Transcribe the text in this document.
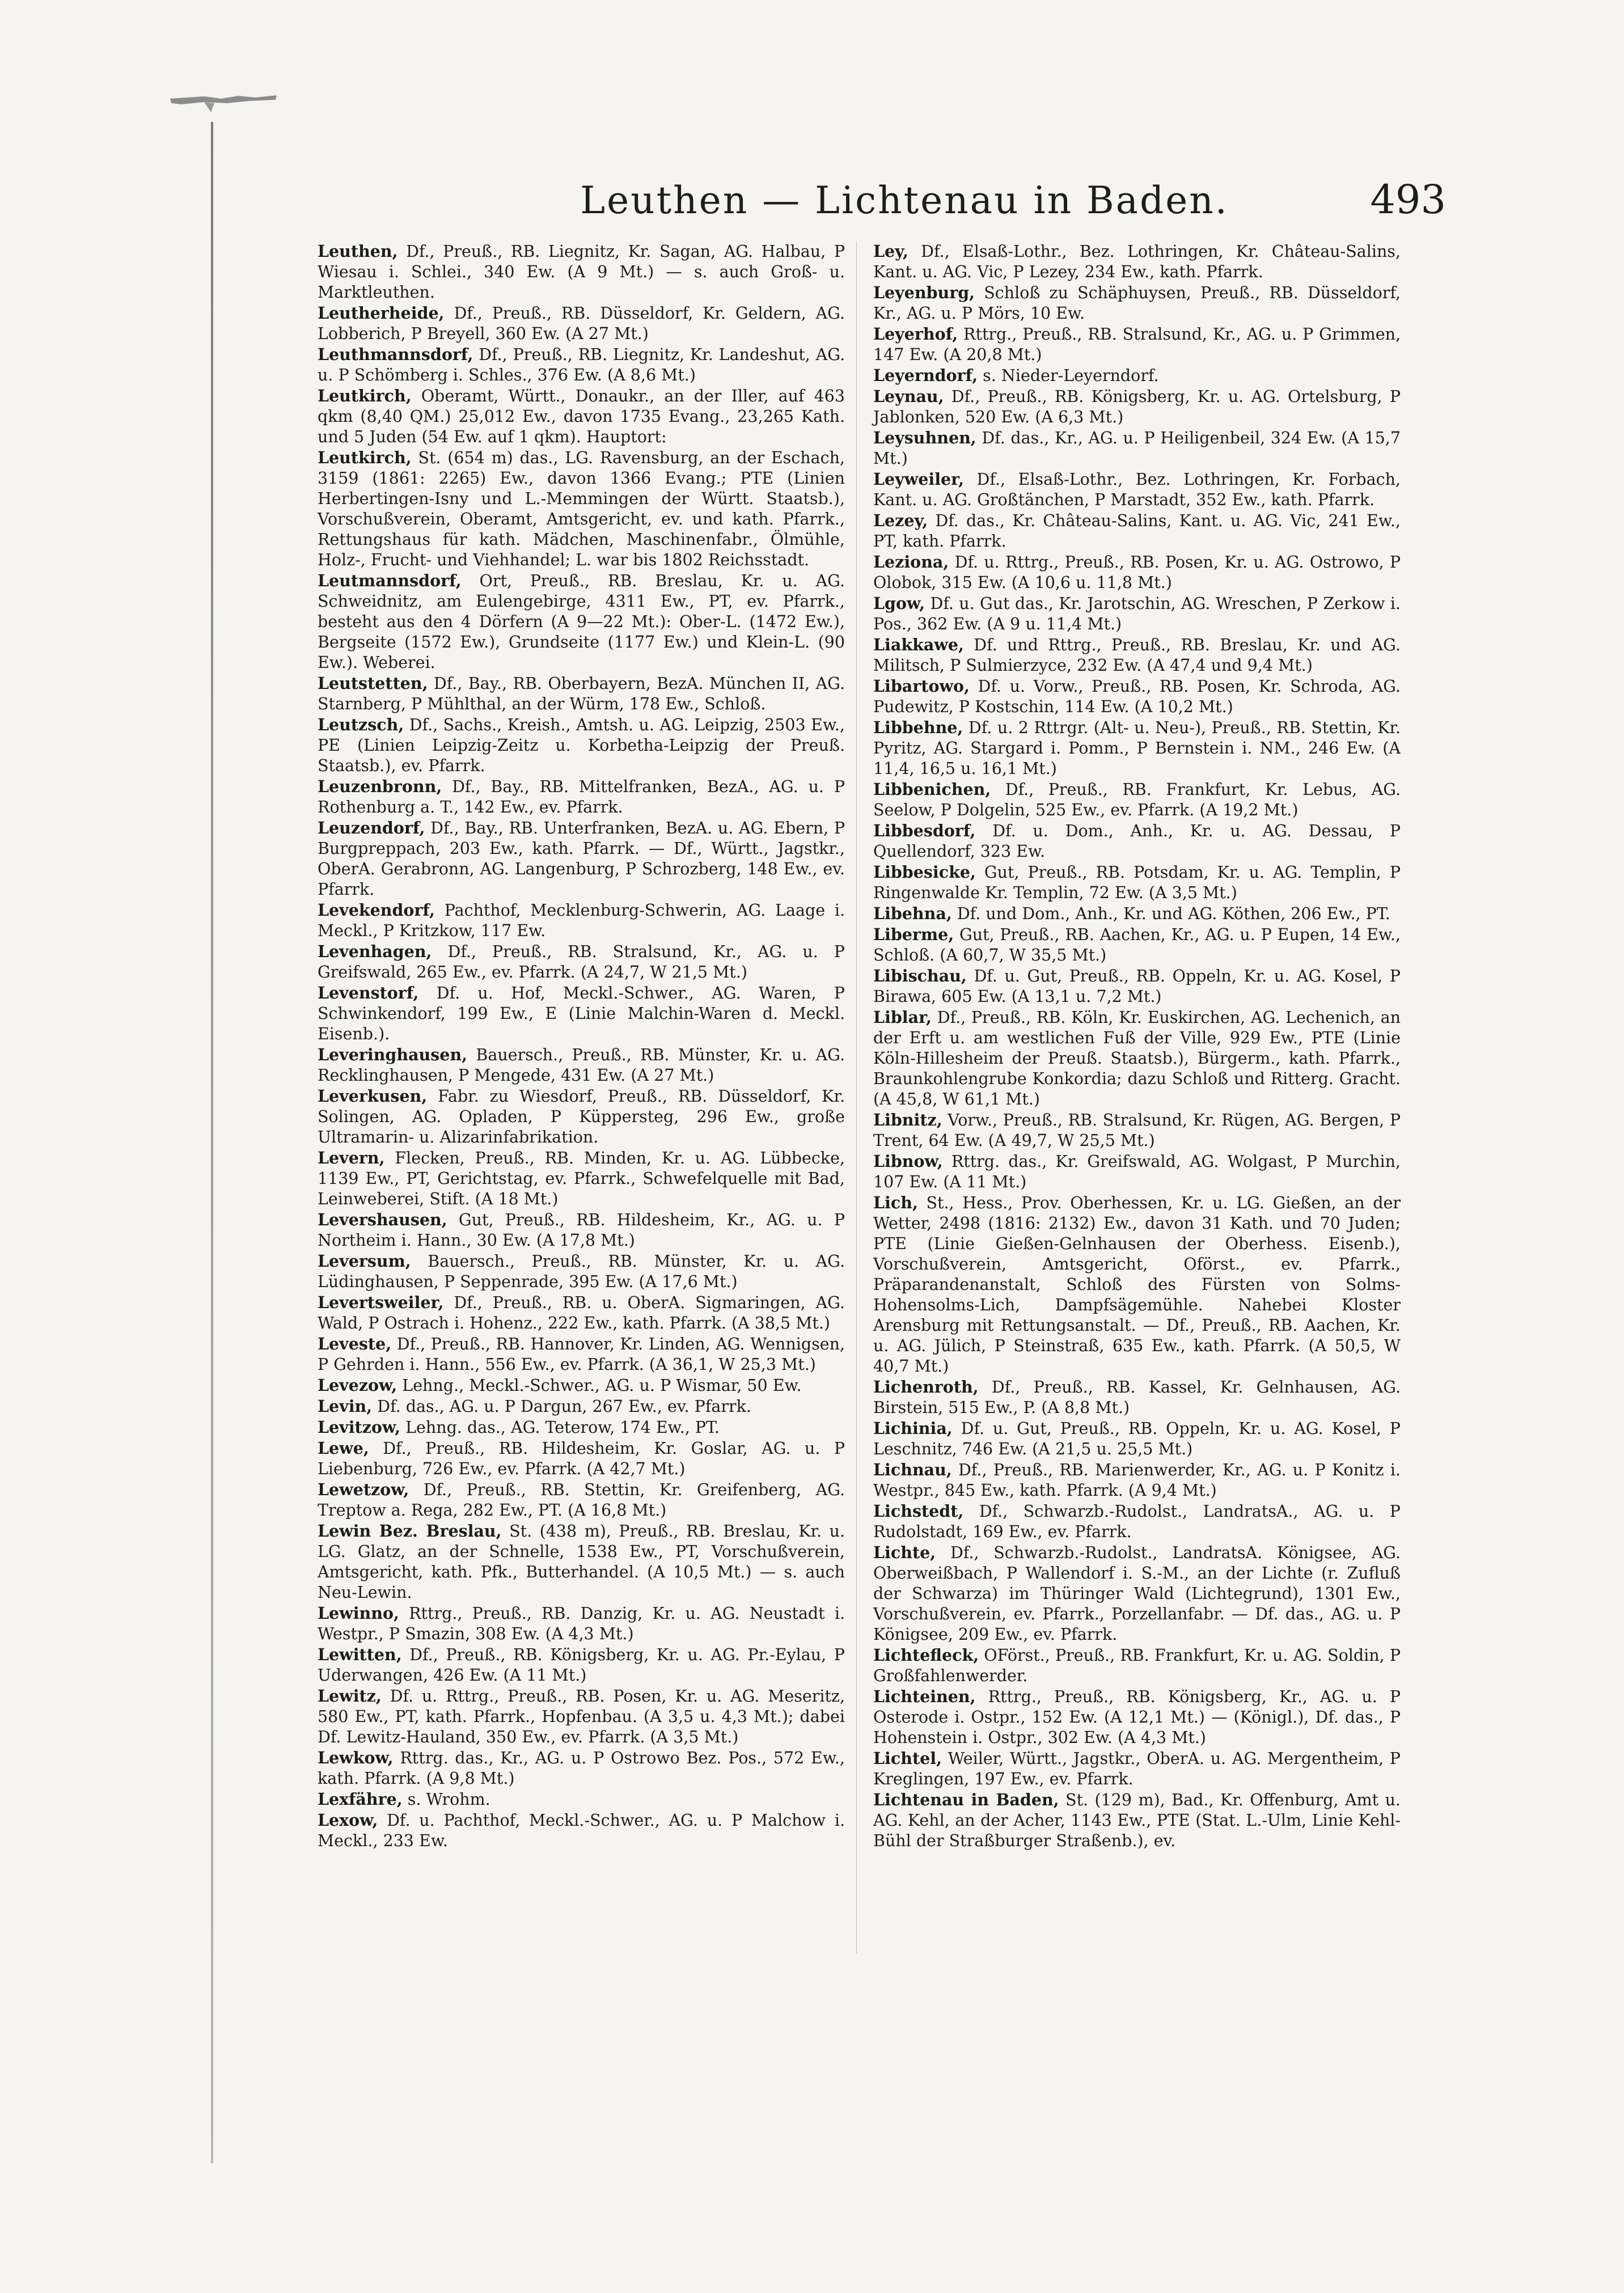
Leuthen — Lichtenau in Baden.	493

Leuthen, Df., Preuß., RB. Liegnitz, Kr. Sagan, AG. Halbau, P Wiesau i. Schlei., 340 Ew. (A 9 Mt.) — s. auch Groß- u. Marktleuthen.

Leutherheide, Df., Preuß., RB. Düsseldorf, Kr. Geldern, AG. Lobberich, P Breyell, 360 Ew. (A 27 Mt.)

Leuthmannsdorf, Df., Preuß., RB. Liegnitz, Kr. Landeshut, AG. u. P Schömberg i. Schles., 376 Ew. (A 8,6 Mt.)

Leutkirch, Oberamt, Württ., Donaukr., an der Iller, auf 463 qkm (8,40 QM.) 25,012 Ew., davon 1735 Evang., 23,265 Kath. und 5 Juden (54 Ew. auf 1 qkm). Hauptort:

Leutkirch, St. (654 m) das., LG. Ravensburg, an der Eschach, 3159 (1861: 2265) Ew., davon 1366 Evang.; PTE (Linien Herbertingen-Isny und L.-Memmingen der Württ. Staatsb.), Vorschußverein, Oberamt, Amtsgericht, ev. und kath. Pfarrk., Rettungshaus für kath. Mädchen, Maschinenfabr., Ölmühle, Holz-, Frucht- und Viehhandel; L. war bis 1802 Reichsstadt.

Leutmannsdorf, Ort, Preuß., RB. Breslau, Kr. u. AG. Schweidnitz, am Eulengebirge, 4311 Ew., PT, ev. Pfarrk., besteht aus den 4 Dörfern (A 9—22 Mt.): Ober-L. (1472 Ew.), Bergseite (1572 Ew.), Grundseite (1177 Ew.) und Klein-L. (90 Ew.). Weberei.

Leutstetten, Df., Bay., RB. Oberbayern, BezA. München II, AG. Starnberg, P Mühlthal, an der Würm, 178 Ew., Schloß.

Leutzsch, Df., Sachs., Kreish., Amtsh. u. AG. Leipzig, 2503 Ew., PE (Linien Leipzig-Zeitz u. Korbetha-Leipzig der Preuß. Staatsb.), ev. Pfarrk.

Leuzenbronn, Df., Bay., RB. Mittelfranken, BezA., AG. u. P Rothenburg a. T., 142 Ew., ev. Pfarrk.

Leuzendorf, Df., Bay., RB. Unterfranken, BezA. u. AG. Ebern, P Burgpreppach, 203 Ew., kath. Pfarrk. — Df., Württ., Jagstkr., OberA. Gerabronn, AG. Langenburg, P Schrozberg, 148 Ew., ev. Pfarrk.

Levekendorf, Pachthof, Mecklenburg-Schwerin, AG. Laage i. Meckl., P Kritzkow, 117 Ew.

Levenhagen, Df., Preuß., RB. Stralsund, Kr., AG. u. P Greifswald, 265 Ew., ev. Pfarrk. (A 24,7, W 21,5 Mt.)

Levenstorf, Df. u. Hof, Meckl.-Schwer., AG. Waren, P Schwinkendorf, 199 Ew., E (Linie Malchin-Waren d. Meckl. Eisenb.).

Leveringhausen, Bauersch., Preuß., RB. Münster, Kr. u. AG. Recklinghausen, P Mengede, 431 Ew. (A 27 Mt.)

Leverkusen, Fabr. zu Wiesdorf, Preuß., RB. Düsseldorf, Kr. Solingen, AG. Opladen, P Küppersteg, 296 Ew., große Ultramarin- u. Alizarinfabrikation.

Levern, Flecken, Preuß., RB. Minden, Kr. u. AG. Lübbecke, 1139 Ew., PT, Gerichtstag, ev. Pfarrk., Schwefelquelle mit Bad, Leinweberei, Stift. (A 18 Mt.)

Levershausen, Gut, Preuß., RB. Hildesheim, Kr., AG. u. P Northeim i. Hann., 30 Ew. (A 17,8 Mt.)

Leversum, Bauersch., Preuß., RB. Münster, Kr. u. AG. Lüdinghausen, P Seppenrade, 395 Ew. (A 17,6 Mt.)

Levertsweiler, Df., Preuß., RB. u. OberA. Sigmaringen, AG. Wald, P Ostrach i. Hohenz., 222 Ew., kath. Pfarrk. (A 38,5 Mt.)

Leveste, Df., Preuß., RB. Hannover, Kr. Linden, AG. Wennigsen, P Gehrden i. Hann., 556 Ew., ev. Pfarrk. (A 36,1, W 25,3 Mt.)

Levezow, Lehng., Meckl.-Schwer., AG. u. P Wismar, 50 Ew.

Levin, Df. das., AG. u. P Dargun, 267 Ew., ev. Pfarrk.

Levitzow, Lehng. das., AG. Teterow, 174 Ew., PT.

Lewe, Df., Preuß., RB. Hildesheim, Kr. Goslar, AG. u. P Liebenburg, 726 Ew., ev. Pfarrk. (A 42,7 Mt.)

Lewetzow, Df., Preuß., RB. Stettin, Kr. Greifenberg, AG. Treptow a. Rega, 282 Ew., PT. (A 16,8 Mt.)

Lewin Bez. Breslau, St. (438 m), Preuß., RB. Breslau, Kr. u. LG. Glatz, an der Schnelle, 1538 Ew., PT, Vorschußverein, Amtsgericht, kath. Pfk., Butterhandel. (A 10,5 Mt.) — s. auch Neu-Lewin.

Lewinno, Rttrg., Preuß., RB. Danzig, Kr. u. AG. Neustadt i. Westpr., P Smazin, 308 Ew. (A 4,3 Mt.)

Lewitten, Df., Preuß., RB. Königsberg, Kr. u. AG. Pr.-Eylau, P Uderwangen, 426 Ew. (A 11 Mt.)

Lewitz, Df. u. Rttrg., Preuß., RB. Posen, Kr. u. AG. Meseritz, 580 Ew., PT, kath. Pfarrk., Hopfenbau. (A 3,5 u. 4,3 Mt.); dabei Df. Lewitz-Hauland, 350 Ew., ev. Pfarrk. (A 3,5 Mt.)

Lewkow, Rttrg. das., Kr., AG. u. P Ostrowo Bez. Pos., 572 Ew., kath. Pfarrk. (A 9,8 Mt.)

Lexfähre, s. Wrohm.

Lexow, Df. u. Pachthof, Meckl.-Schwer., AG. u. P Malchow i. Meckl., 233 Ew.

Ley, Df., Elsaß-Lothr., Bez. Lothringen, Kr. Château-Salins, Kant. u. AG. Vic, P Lezey, 234 Ew., kath. Pfarrk.

Leyenburg, Schloß zu Schäphuysen, Preuß., RB. Düsseldorf, Kr., AG. u. P Mörs, 10 Ew.

Leyerhof, Rttrg., Preuß., RB. Stralsund, Kr., AG. u. P Grimmen, 147 Ew. (A 20,8 Mt.)

Leyerndorf, s. Nieder-Leyerndorf.

Leynau, Df., Preuß., RB. Königsberg, Kr. u. AG. Ortelsburg, P Jablonken, 520 Ew. (A 6,3 Mt.)

Leysuhnen, Df. das., Kr., AG. u. P Heiligenbeil, 324 Ew. (A 15,7 Mt.)

Leyweiler, Df., Elsaß-Lothr., Bez. Lothringen, Kr. Forbach, Kant. u. AG. Großtänchen, P Marstadt, 352 Ew., kath. Pfarrk.

Lezey, Df. das., Kr. Château-Salins, Kant. u. AG. Vic, 241 Ew., PT, kath. Pfarrk.

Leziona, Df. u. Rttrg., Preuß., RB. Posen, Kr. u. AG. Ostrowo, P Olobok, 315 Ew. (A 10,6 u. 11,8 Mt.)

Lgow, Df. u. Gut das., Kr. Jarotschin, AG. Wreschen, P Zerkow i. Pos., 362 Ew. (A 9 u. 11,4 Mt.)

Liakkawe, Df. und Rttrg., Preuß., RB. Breslau, Kr. und AG. Militsch, P Sulmierzyce, 232 Ew. (A 47,4 und 9,4 Mt.)

Libartowo, Df. u. Vorw., Preuß., RB. Posen, Kr. Schroda, AG. Pudewitz, P Kostschin, 114 Ew. (A 10,2 Mt.)

Libbehne, Df. u. 2 Rttrgr. (Alt- u. Neu-), Preuß., RB. Stettin, Kr. Pyritz, AG. Stargard i. Pomm., P Bernstein i. NM., 246 Ew. (A 11,4, 16,5 u. 16,1 Mt.)

Libbenichen, Df., Preuß., RB. Frankfurt, Kr. Lebus, AG. Seelow, P Dolgelin, 525 Ew., ev. Pfarrk. (A 19,2 Mt.)

Libbesdorf, Df. u. Dom., Anh., Kr. u. AG. Dessau, P Quellendorf, 323 Ew.

Libbesicke, Gut, Preuß., RB. Potsdam, Kr. u. AG. Templin, P Ringenwalde Kr. Templin, 72 Ew. (A 3,5 Mt.)

Libehna, Df. und Dom., Anh., Kr. und AG. Köthen, 206 Ew., PT.

Liberme, Gut, Preuß., RB. Aachen, Kr., AG. u. P Eupen, 14 Ew., Schloß. (A 60,7, W 35,5 Mt.)

Libischau, Df. u. Gut, Preuß., RB. Oppeln, Kr. u. AG. Kosel, P Birawa, 605 Ew. (A 13,1 u. 7,2 Mt.)

Liblar, Df., Preuß., RB. Köln, Kr. Euskirchen, AG. Lechenich, an der Erft u. am westlichen Fuß der Ville, 929 Ew., PTE (Linie Köln-Hillesheim der Preuß. Staatsb.), Bürgerm., kath. Pfarrk., Braunkohlengrube Konkordia; dazu Schloß und Ritterg. Gracht. (A 45,8, W 61,1 Mt.)

Libnitz, Vorw., Preuß., RB. Stralsund, Kr. Rügen, AG. Bergen, P Trent, 64 Ew. (A 49,7, W 25,5 Mt.)

Libnow, Rttrg. das., Kr. Greifswald, AG. Wolgast, P Murchin, 107 Ew. (A 11 Mt.)

Lich, St., Hess., Prov. Oberhessen, Kr. u. LG. Gießen, an der Wetter, 2498 (1816: 2132) Ew., davon 31 Kath. und 70 Juden; PTE (Linie Gießen-Gelnhausen der Oberhess. Eisenb.), Vorschußverein, Amtsgericht, Oförst., ev. Pfarrk., Präparandenanstalt, Schloß des Fürsten von Solms-Hohensolms-Lich, Dampfsägemühle. Nahebei Kloster Arensburg mit Rettungsanstalt. — Df., Preuß., RB. Aachen, Kr. u. AG. Jülich, P Steinstraß, 635 Ew., kath. Pfarrk. (A 50,5, W 40,7 Mt.)

Lichenroth, Df., Preuß., RB. Kassel, Kr. Gelnhausen, AG. Birstein, 515 Ew., P. (A 8,8 Mt.)

Lichinia, Df. u. Gut, Preuß., RB. Oppeln, Kr. u. AG. Kosel, P Leschnitz, 746 Ew. (A 21,5 u. 25,5 Mt.)

Lichnau, Df., Preuß., RB. Marienwerder, Kr., AG. u. P Konitz i. Westpr., 845 Ew., kath. Pfarrk. (A 9,4 Mt.)

Lichstedt, Df., Schwarzb.-Rudolst., LandratsA., AG. u. P Rudolstadt, 169 Ew., ev. Pfarrk.

Lichte, Df., Schwarzb.-Rudolst., LandratsA. Königsee, AG. Oberweißbach, P Wallendorf i. S.-M., an der Lichte (r. Zufluß der Schwarza) im Thüringer Wald (Lichtegrund), 1301 Ew., Vorschußverein, ev. Pfarrk., Porzellanfabr. — Df. das., AG. u. P Königsee, 209 Ew., ev. Pfarrk.

Lichtefleck, OFörst., Preuß., RB. Frankfurt, Kr. u. AG. Soldin, P Großfahlenwerder.

Lichteinen, Rttrg., Preuß., RB. Königsberg, Kr., AG. u. P Osterode i. Ostpr., 152 Ew. (A 12,1 Mt.) — (Königl.), Df. das., P Hohenstein i. Ostpr., 302 Ew. (A 4,3 Mt.)

Lichtel, Weiler, Württ., Jagstkr., OberA. u. AG. Mergentheim, P Kreglingen, 197 Ew., ev. Pfarrk.

Lichtenau in Baden, St. (129 m), Bad., Kr. Offenburg, Amt u. AG. Kehl, an der Acher, 1143 Ew., PTE (Stat. L.-Ulm, Linie Kehl-Bühl der Straßburger Straßenb.), ev.
